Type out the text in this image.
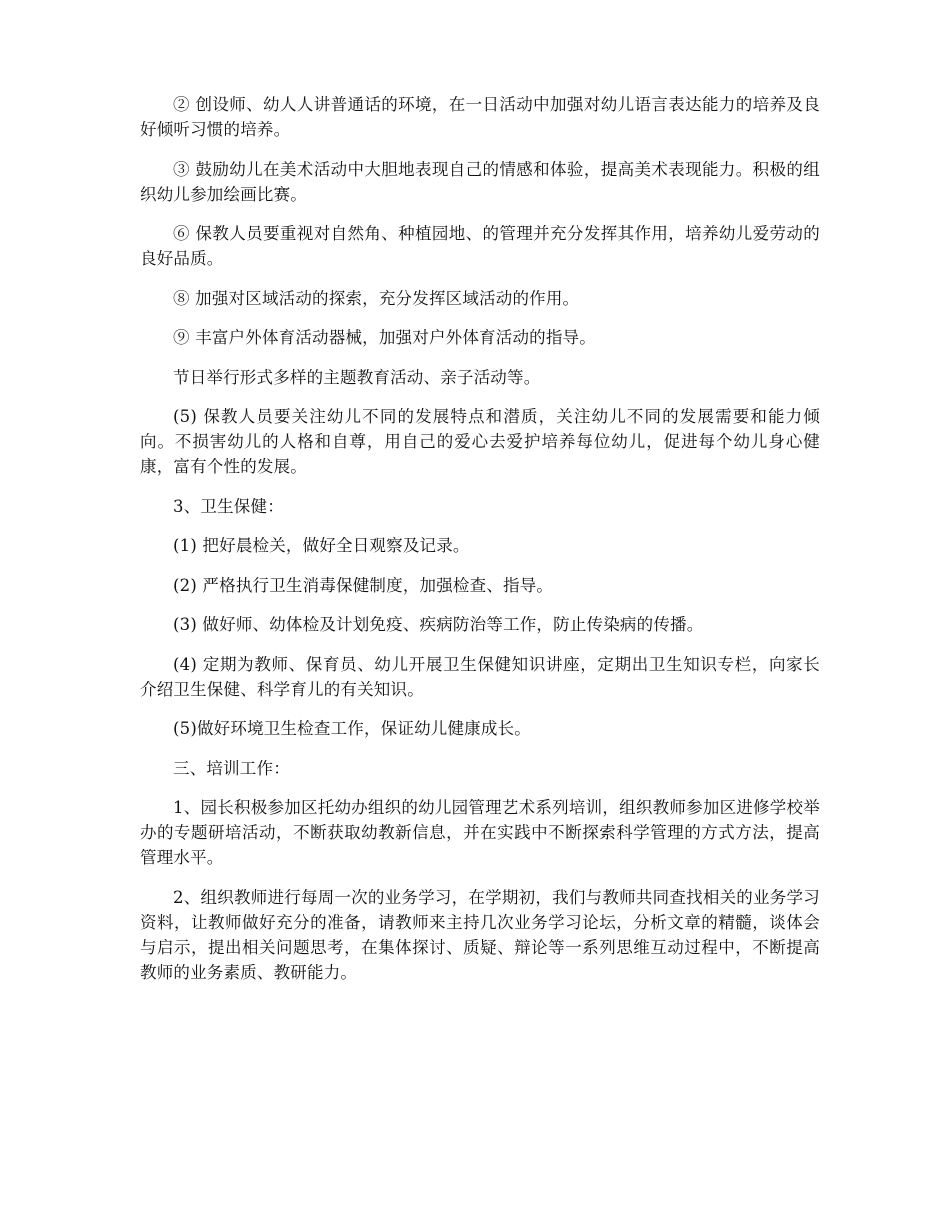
② 创设师、幼人人讲普通话的环境，在一日活动中加强对幼儿语言表达能力的培养及良好倾听习惯的培养。

③ 鼓励幼儿在美术活动中大胆地表现自己的情感和体验，提高美术表现能力。积极的组织幼儿参加绘画比赛。

⑥ 保教人员要重视对自然角、种植园地、的管理并充分发挥其作用，培养幼儿爱劳动的良好品质。

⑧ 加强对区域活动的探索，充分发挥区域活动的作用。

⑨ 丰富户外体育活动器械，加强对户外体育活动的指导。

节日举行形式多样的主题教育活动、亲子活动等。

(5) 保教人员要关注幼儿不同的发展特点和潜质，关注幼儿不同的发展需要和能力倾向。不损害幼儿的人格和自尊，用自己的爱心去爱护培养每位幼儿，促进每个幼儿身心健康，富有个性的发展。

3、卫生保健：

(1) 把好晨检关，做好全日观察及记录。

(2) 严格执行卫生消毒保健制度，加强检查、指导。

(3) 做好师、幼体检及计划免疫、疾病防治等工作，防止传染病的传播。

(4) 定期为教师、保育员、幼儿开展卫生保健知识讲座，定期出卫生知识专栏，向家长介绍卫生保健、科学育儿的有关知识。

(5)做好环境卫生检查工作，保证幼儿健康成长。

三、培训工作：

1、园长积极参加区托幼办组织的幼儿园管理艺术系列培训，组织教师参加区进修学校举办的专题研培活动，不断获取幼教新信息，并在实践中不断探索科学管理的方式方法，提高管理水平。

2、组织教师进行每周一次的业务学习，在学期初，我们与教师共同查找相关的业务学习资料，让教师做好充分的准备，请教师来主持几次业务学习论坛，分析文章的精髓，谈体会与启示，提出相关问题思考，在集体探讨、质疑、辩论等一系列思维互动过程中，不断提高教师的业务素质、教研能力。
